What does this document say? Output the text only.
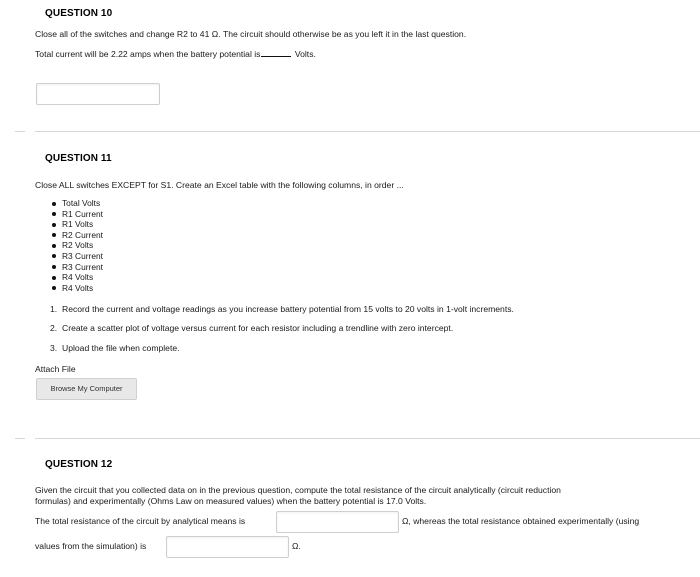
QUESTION 10
Close all of the switches and change R2 to 41 Ω. The circuit should otherwise be as you left it in the last question.
Total current will be 2.22 amps when the battery potential is	Volts.
QUESTION 11
Close ALL switches EXCEPT for S1. Create an Excel table with the following columns, in order ...
Total Volts
R1 Current
R1 Volts
R2 Current
R2 Volts
R3 Current
R3 Current
R4 Volts
R4 Volts
1. Record the current and voltage readings as you increase battery potential from 15 volts to 20 volts in 1-volt increments.
2. Create a scatter plot of voltage versus current for each resistor including a trendline with zero intercept.
3. Upload the file when complete.
Attach File
Browse My Computer
QUESTION 12
Given the circuit that you collected data on in the previous question, compute the total resistance of the circuit analytically (circuit reduction
formulas) and experimentally (Ohms Law on measured values) when the battery potential is 17.0 Volts.
The total resistance of the circuit by analytical means is	Ω, whereas the total resistance obtained experimentally (using
values from the simulation) is	Ω.
